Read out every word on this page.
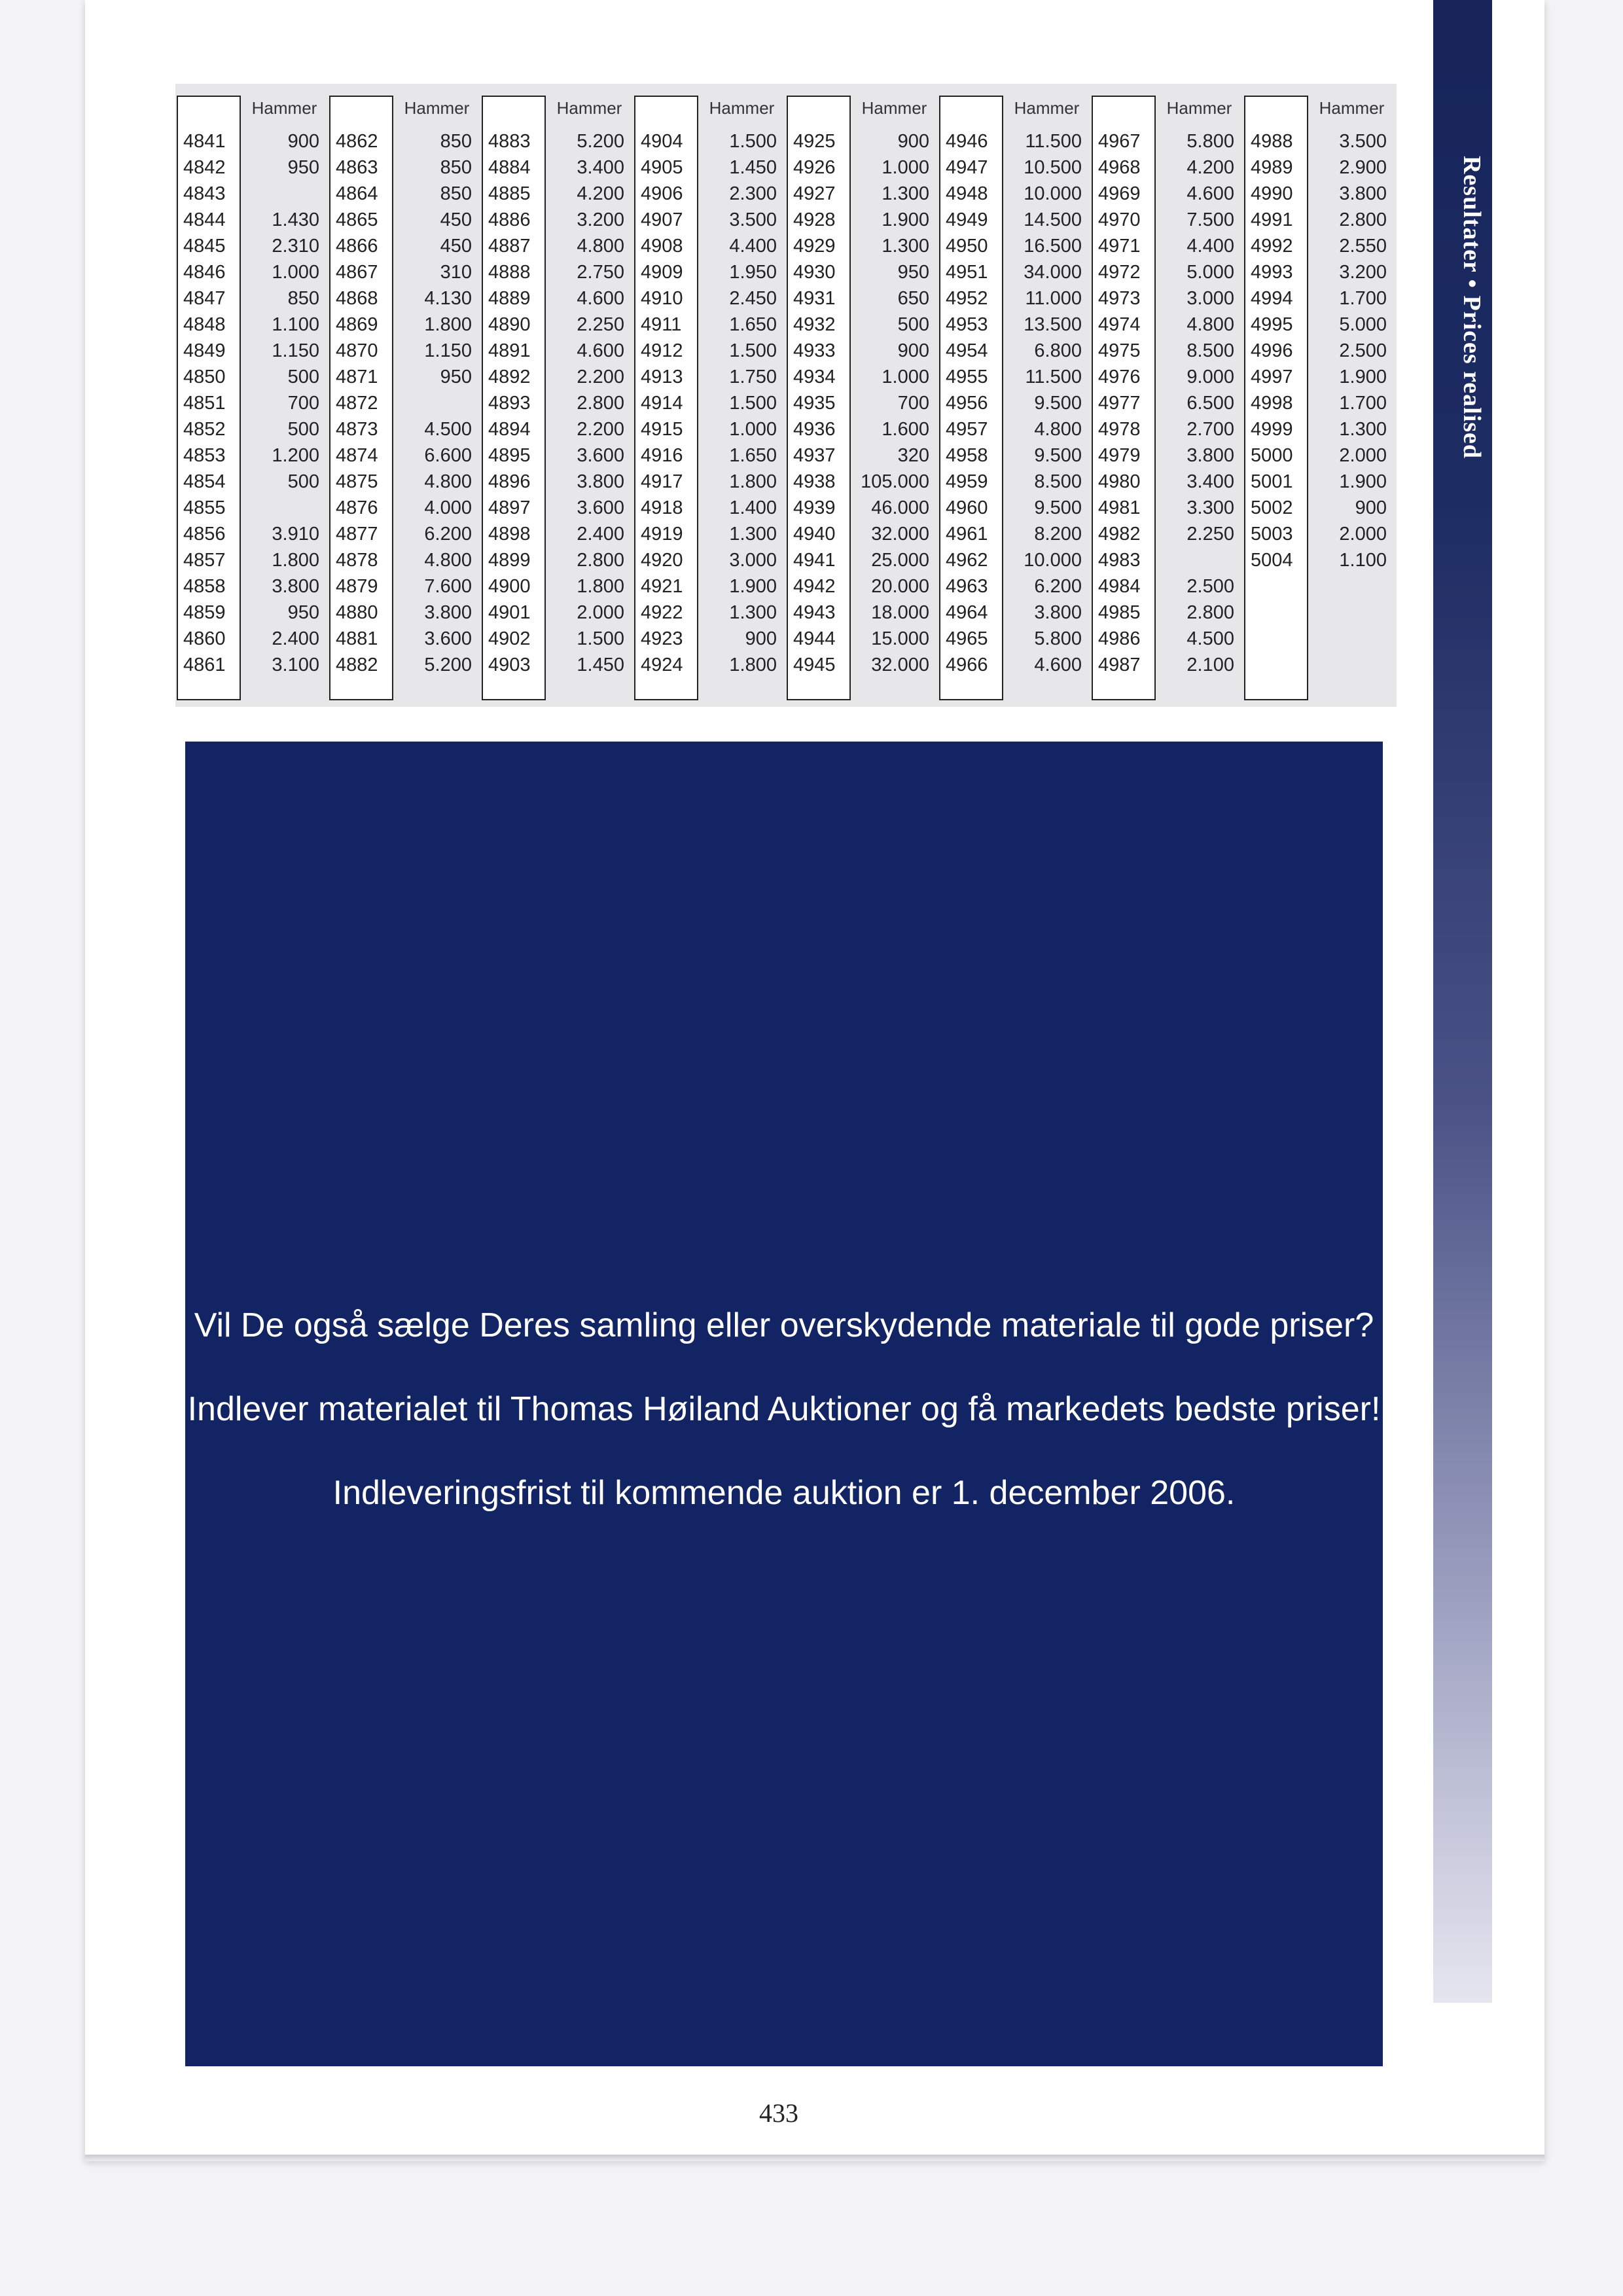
Resultater • Prices realised
Hammer
4841	900
4842	950
4843
4844	1.430
4845	2.310
4846	1.000
4847	850
4848	1.100
4849	1.150
4850	500
4851	700
4852	500
4853	1.200
4854	500
4855
4856	3.910
4857	1.800
4858	3.800
4859	950
4860	2.400
4861	3.100
Hammer
4862	850
4863	850
4864	850
4865	450
4866	450
4867	310
4868	4.130
4869	1.800
4870	1.150
4871	950
4872
4873	4.500
4874	6.600
4875	4.800
4876	4.000
4877	6.200
4878	4.800
4879	7.600
4880	3.800
4881	3.600
4882	5.200
Hammer
4883	5.200
4884	3.400
4885	4.200
4886	3.200
4887	4.800
4888	2.750
4889	4.600
4890	2.250
4891	4.600
4892	2.200
4893	2.800
4894	2.200
4895	3.600
4896	3.800
4897	3.600
4898	2.400
4899	2.800
4900	1.800
4901	2.000
4902	1.500
4903	1.450
Hammer
4904	1.500
4905	1.450
4906	2.300
4907	3.500
4908	4.400
4909	1.950
4910	2.450
4911	1.650
4912	1.500
4913	1.750
4914	1.500
4915	1.000
4916	1.650
4917	1.800
4918	1.400
4919	1.300
4920	3.000
4921	1.900
4922	1.300
4923	900
4924	1.800
Hammer
4925	900
4926	1.000
4927	1.300
4928	1.900
4929	1.300
4930	950
4931	650
4932	500
4933	900
4934	1.000
4935	700
4936	1.600
4937	320
4938	105.000
4939	46.000
4940	32.000
4941	25.000
4942	20.000
4943	18.000
4944	15.000
4945	32.000
Hammer
4946	11.500
4947	10.500
4948	10.000
4949	14.500
4950	16.500
4951	34.000
4952	11.000
4953	13.500
4954	6.800
4955	11.500
4956	9.500
4957	4.800
4958	9.500
4959	8.500
4960	9.500
4961	8.200
4962	10.000
4963	6.200
4964	3.800
4965	5.800
4966	4.600
Hammer
4967	5.800
4968	4.200
4969	4.600
4970	7.500
4971	4.400
4972	5.000
4973	3.000
4974	4.800
4975	8.500
4976	9.000
4977	6.500
4978	2.700
4979	3.800
4980	3.400
4981	3.300
4982	2.250
4983
4984	2.500
4985	2.800
4986	4.500
4987	2.100
Hammer
4988	3.500
4989	2.900
4990	3.800
4991	2.800
4992	2.550
4993	3.200
4994	1.700
4995	5.000
4996	2.500
4997	1.900
4998	1.700
4999	1.300
5000	2.000
5001	1.900
5002	900
5003	2.000
5004	1.100
Vil De også sælge Deres samling eller overskydende materiale til gode priser?
Indlever materialet til Thomas Høiland Auktioner og få markedets bedste priser!
Indleveringsfrist til kommende auktion er 1. december 2006.
433
